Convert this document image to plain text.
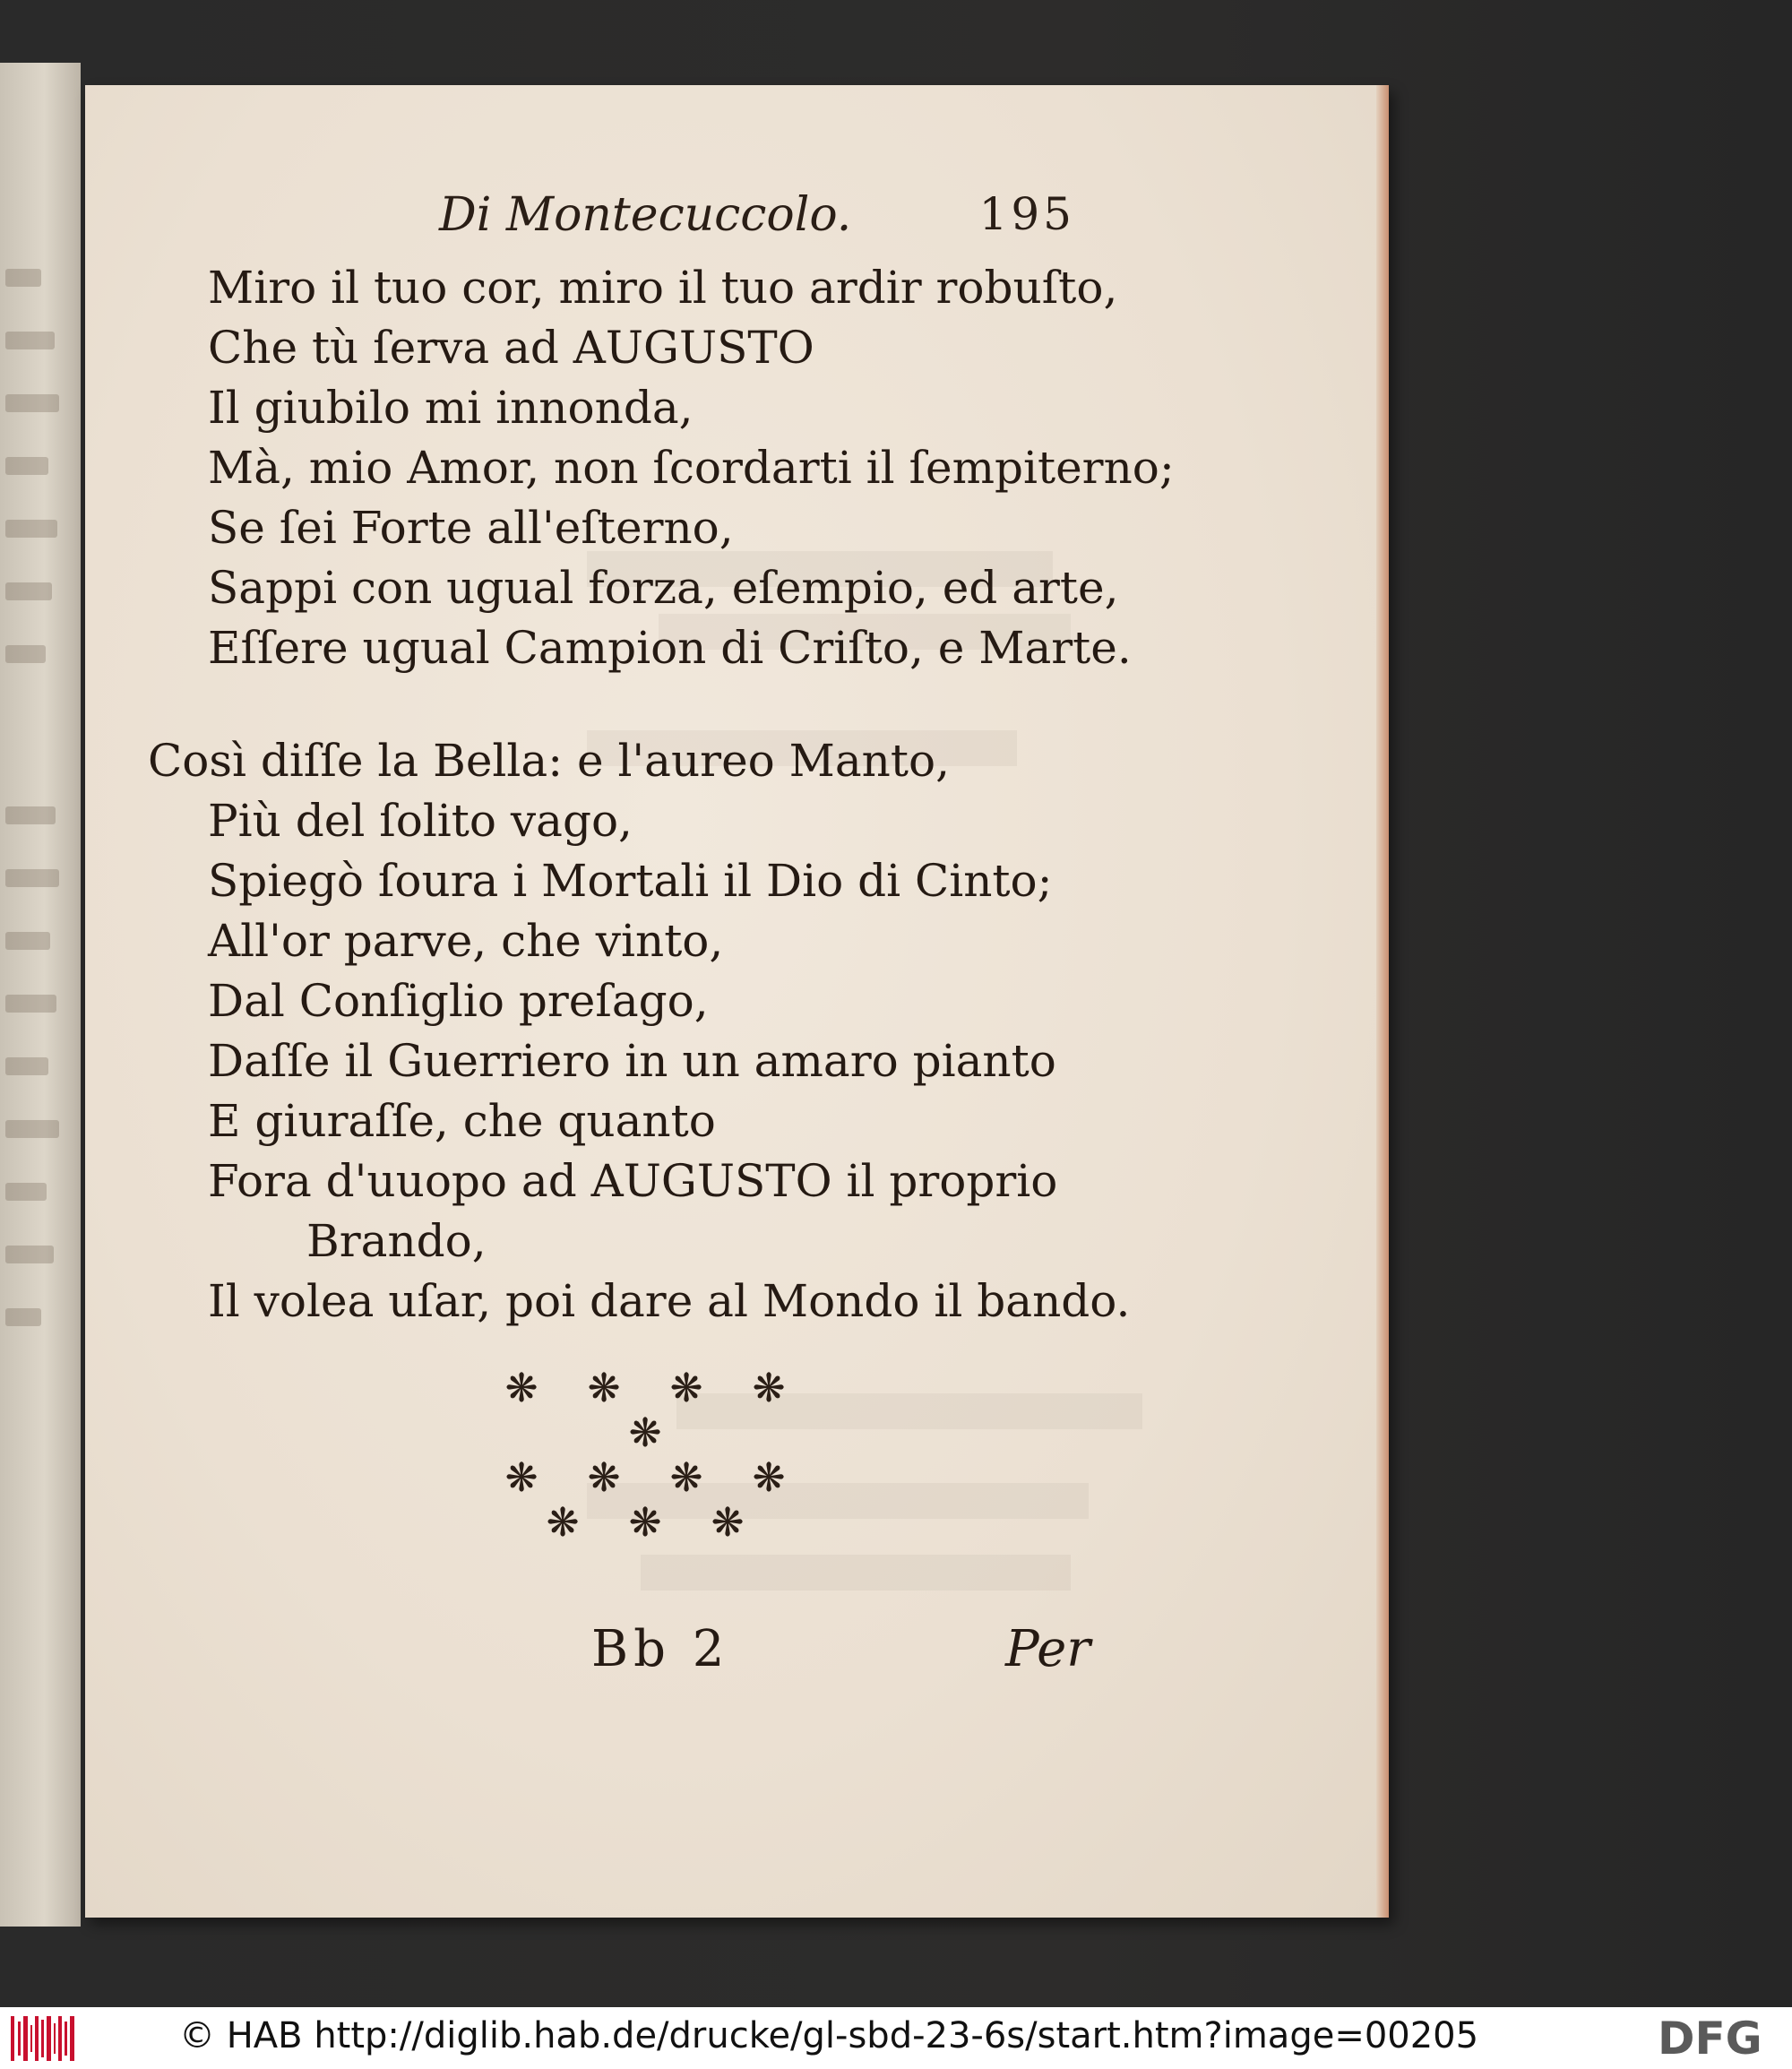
Di Montecuccolo.	195
Miro il tuo cor, miro il tuo ardir robuſto,
Che tù ſerva ad AUGUSTO
Il giubilo mi innonda,
Mà, mio Amor, non ſcordarti il ſempiterno;
Se ſei Forte all'eſterno,
Sappi con ugual forza, eſempio, ed arte,
Eſſere ugual Campion di Criſto, e Marte.
Così diſſe la Bella: e l'aureo Manto,
Più del ſolito vago,
Spiegò ſoura i Mortali il Dio di Cinto;
All'or parve, che vinto,
Dal Conſiglio preſago,
Daſſe il Guerriero in un amaro pianto
E giuraſſe, che quanto
Fora d'uuopo ad AUGUSTO il proprio
Brando,
Il volea uſar, poi dare al Mondo il bando.
❋ ❋ ❋ ❋❋
❋ ❋ ❋ ❋
❋ ❋ ❋
Bb 2	Per
© HAB http://diglib.hab.de/drucke/gl-sbd-23-6s/start.htm?image=00205	DFG
